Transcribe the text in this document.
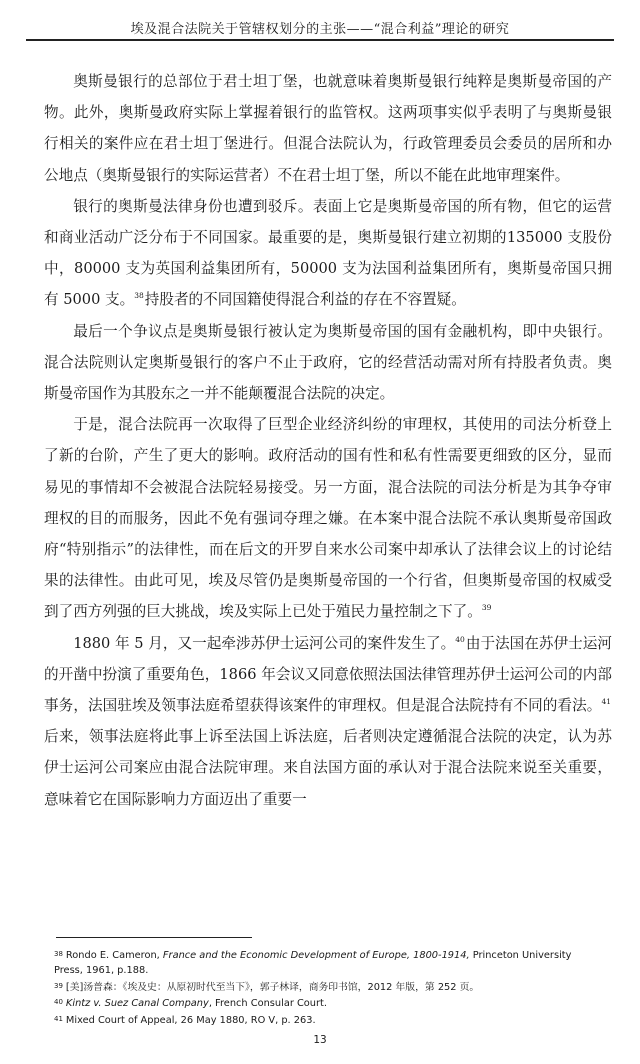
埃及混合法院关于管辖权划分的主张——“混合利益”理论的研究

奥斯曼银行的总部位于君士坦丁堡，也就意味着奥斯曼银行纯粹是奥斯曼帝国的产物。此外，奥斯曼政府实际上掌握着银行的监管权。这两项事实似乎表明了与奥斯曼银行相关的案件应在君士坦丁堡进行。但混合法院认为，行政管理委员会委员的居所和办公地点（奥斯曼银行的实际运营者）不在君士坦丁堡，所以不能在此地审理案件。

银行的奥斯曼法律身份也遭到驳斥。表面上它是奥斯曼帝国的所有物，但它的运营和商业活动广泛分布于不同国家。最重要的是，奥斯曼银行建立初期的135000 支股份中，80000 支为英国利益集团所有，50000 支为法国利益集团所有，奥斯曼帝国只拥有 5000 支。$^{38}$持股者的不同国籍使得混合利益的存在不容置疑。

最后一个争议点是奥斯曼银行被认定为奥斯曼帝国的国有金融机构，即中央银行。混合法院则认定奥斯曼银行的客户不止于政府，它的经营活动需对所有持股者负责。奥斯曼帝国作为其股东之一并不能颠覆混合法院的决定。

于是，混合法院再一次取得了巨型企业经济纠纷的审理权，其使用的司法分析登上了新的台阶，产生了更大的影响。政府活动的国有性和私有性需要更细致的区分，显而易见的事情却不会被混合法院轻易接受。另一方面，混合法院的司法分析是为其争夺审理权的目的而服务，因此不免有强词夺理之嫌。在本案中混合法院不承认奥斯曼帝国政府“特别指示”的法律性，而在后文的开罗自来水公司案中却承认了法律会议上的讨论结果的法律性。由此可见，埃及尽管仍是奥斯曼帝国的一个行省，但奥斯曼帝国的权威受到了西方列强的巨大挑战，埃及实际上已处于殖民力量控制之下了。$^{39}$

1880 年 5 月，又一起牵涉苏伊士运河公司的案件发生了。$^{40}$由于法国在苏伊士运河的开凿中扮演了重要角色，1866 年会议又同意依照法国法律管理苏伊士运河公司的内部事务，法国驻埃及领事法庭希望获得该案件的审理权。但是混合法院持有不同的看法。$^{41}$后来，领事法庭将此事上诉至法国上诉法庭，后者则决定遵循混合法院的决定，认为苏伊士运河公司案应由混合法院审理。来自法国方面的承认对于混合法院来说至关重要，意味着它在国际影响力方面迈出了重要一

$^{38}$ Rondo E. Cameron, France and the Economic Development of Europe, 1800-1914, Princeton University Press, 1961, p.188.

$^{39}$ [美]汤普森：《埃及史：从原初时代至当下》，郭子林译，商务印书馆，2012 年版，第 252 页。

$^{40}$ Kintz v. Suez Canal Company, French Consular Court.

$^{41}$ Mixed Court of Appeal, 26 May 1880, RO V, p. 263.

13
